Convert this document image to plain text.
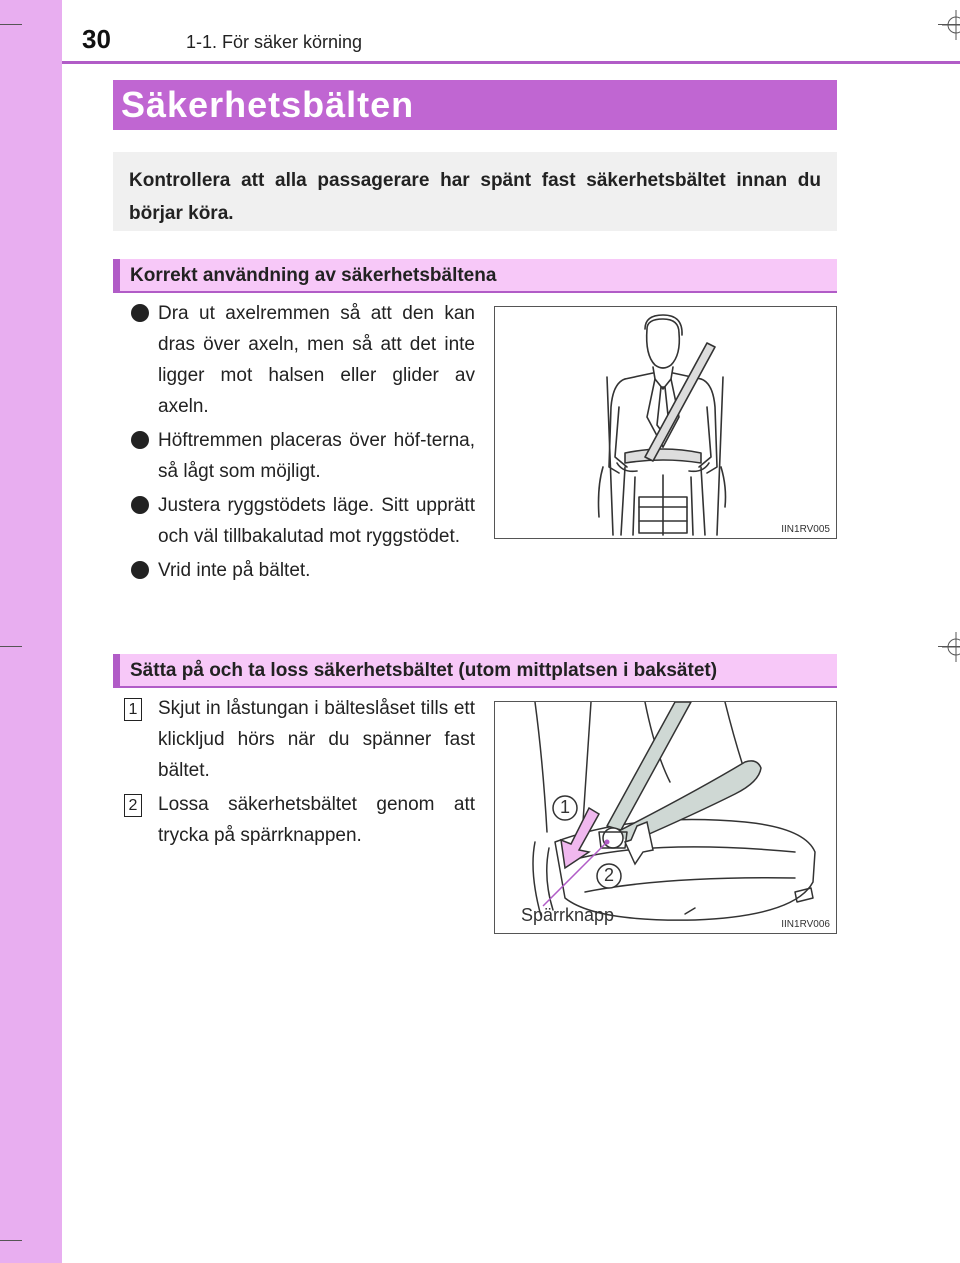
30	1-1. För säker körning
Säkerhetsbälten
Kontrollera att alla passagerare har spänt fast säkerhetsbältet innan du börjar köra.
Korrekt användning av säkerhetsbältena
Dra ut axelremmen så att den kan dras över axeln, men så att det inte ligger mot halsen eller glider av axeln.
Höftremmen placeras över höf-terna, så lågt som möjligt.
Justera ryggstödets läge. Sitt upprätt och väl tillbakalutad mot ryggstödet.
Vrid inte på bältet.
IIN1RV005
Sätta på och ta loss säkerhetsbältet (utom mittplatsen i baksätet)
1 Skjut in låstungan i bälteslåset tills ett klickljud hörs när du spänner fast bältet.
2 Lossa säkerhetsbältet genom att trycka på spärrknappen.
1
2
Spärrknapp	IIN1RV006
